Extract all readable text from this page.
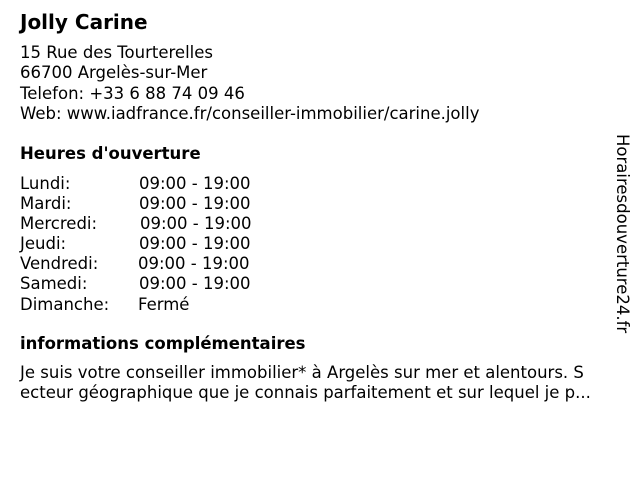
Jolly Carine
15 Rue des Tourterelles
66700 Argelès-sur-Mer
Telefon: +33 6 88 74 09 46
Web: www.iadfrance.fr/conseiller-immobilier/carine.jolly
Heures d'ouverture
Lundi:	09:00 - 19:00
Mardi:	09:00 - 19:00
Mercredi:	09:00 - 19:00
Jeudi:	09:00 - 19:00
Vendredi: 09:00 - 19:00
Samedi:	09:00 - 19:00
Dimanche: Fermé
informations complémentaires
Je suis votre conseiller immobilier* à Argelès sur mer et alentours. S
ecteur géographique que je connais parfaitement et sur lequel je p...
Horairesdouverture24.fr
